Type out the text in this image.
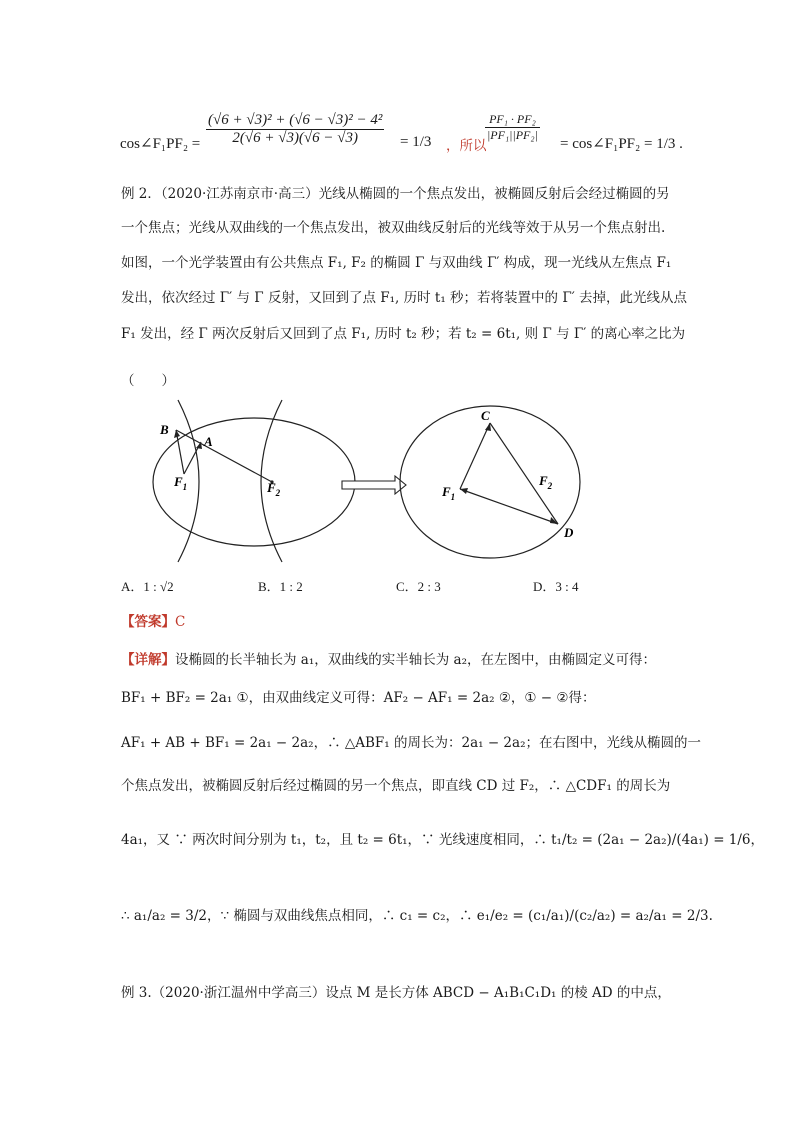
cos∠F₁PF₂ = $\frac{\text{(√6 + √3)² + (√6 − √3)² − 4²}}{2(√6 + √3)(√6 - √3)} = 1/3$ ，所以
$\frac{\text{PF₁ · PF₂}}{\text{|PF₁||PF₂|}}$
= cos∠F₁PF₂ = 1/3 .
例 2．（2020·江苏南京市·高三）光线从椭圆的一个焦点发出，被椭圆反射后会经过椭圆的另
一个焦点；光线从双曲线的一个焦点发出，被双曲线反射后的光线等效于从另一个焦点射出.
如图，一个光学装置由有公共焦点 F₁, F₂ 的椭圆 Γ 与双曲线 Γ′ 构成，现一光线从左焦点 F₁
发出，依次经过 Γ′ 与 Γ 反射，又回到了点 F₁, 历时 t₁ 秒；若将装置中的 Γ′ 去掉，此光线从点
F₁ 发出，经 Γ 两次反射后又回到了点 F₁, 历时 t₂ 秒；若 t₂ = 6t₁, 则 Γ 与 Γ′ 的离心率之比为
（　　）
B
A
$F_1$	$F_2$
C
$F_1$
$F_2$
D
A．1 : √2	B．1 : 2	C．2 : 3	D．3 : 4
【答案】C
【详解】设椭圆的长半轴长为 a₁，双曲线的实半轴长为 a₂，在左图中，由椭圆定义可得：
BF₁ + BF₂ = 2a₁ ①，由双曲线定义可得：AF₂ − AF₁ = 2a₂ ②，① − ②得：
AF₁ + AB + BF₁ = 2a₁ − 2a₂，∴ △ABF₁ 的周长为：2a₁ − 2a₂；在右图中，光线从椭圆的一
个焦点发出，被椭圆反射后经过椭圆的另一个焦点，即直线 CD 过 F₂，∴ △CDF₁ 的周长为
4a₁，又 ∵ 两次时间分别为 t₁，t₂，且 t₂ = 6t₁，∵ 光线速度相同，∴ t₁/t₂ = (2a₁ − 2a₂)/(4a₁) = 1/6，
∴ a₁/a₂ = 3/2，∵ 椭圆与双曲线焦点相同，∴ c₁ = c₂，∴ e₁/e₂ = (c₁/a₁)/(c₂/a₂) = a₂/a₁ = 2/3.
例 3.（2020·浙江温州中学高三）设点 M 是长方体 ABCD − A₁B₁C₁D₁ 的棱 AD 的中点，
